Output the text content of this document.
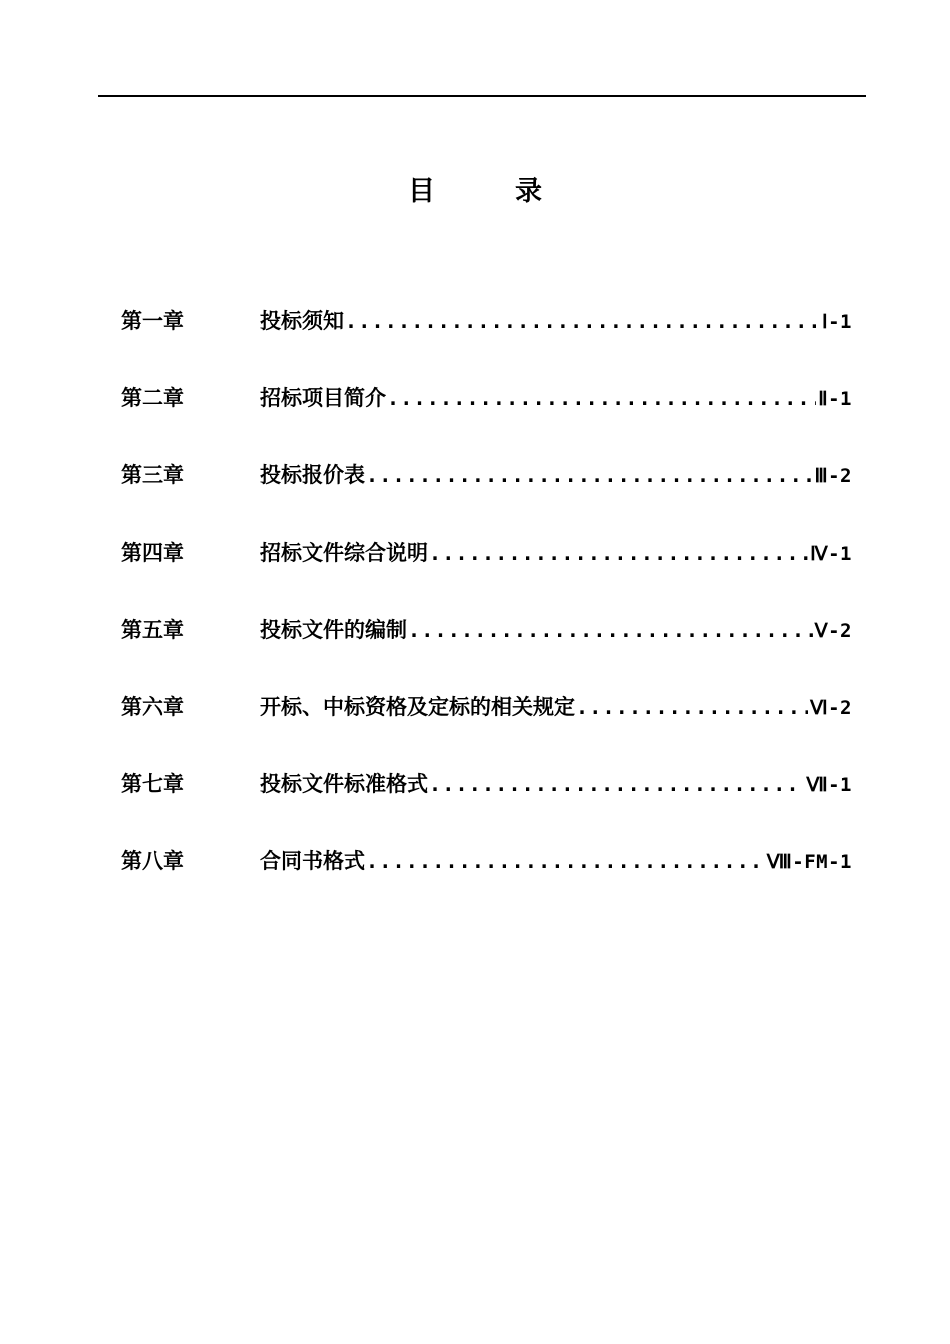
目	录
第一章	投标须知 .....	Ⅰ-1
第二章	招标项目简介 .....	Ⅱ-1
第三章	投标报价表 .....	Ⅲ-2
第四章	招标文件综合说明 .....	Ⅳ-1
第五章	投标文件的编制 .....	Ⅴ-2
第六章	开标、中标资格及定标的相关规定 .....	Ⅵ-2
第七章	投标文件标准格式 .....	Ⅶ-1
第八章	合同书格式 .....	Ⅷ-FM-1
